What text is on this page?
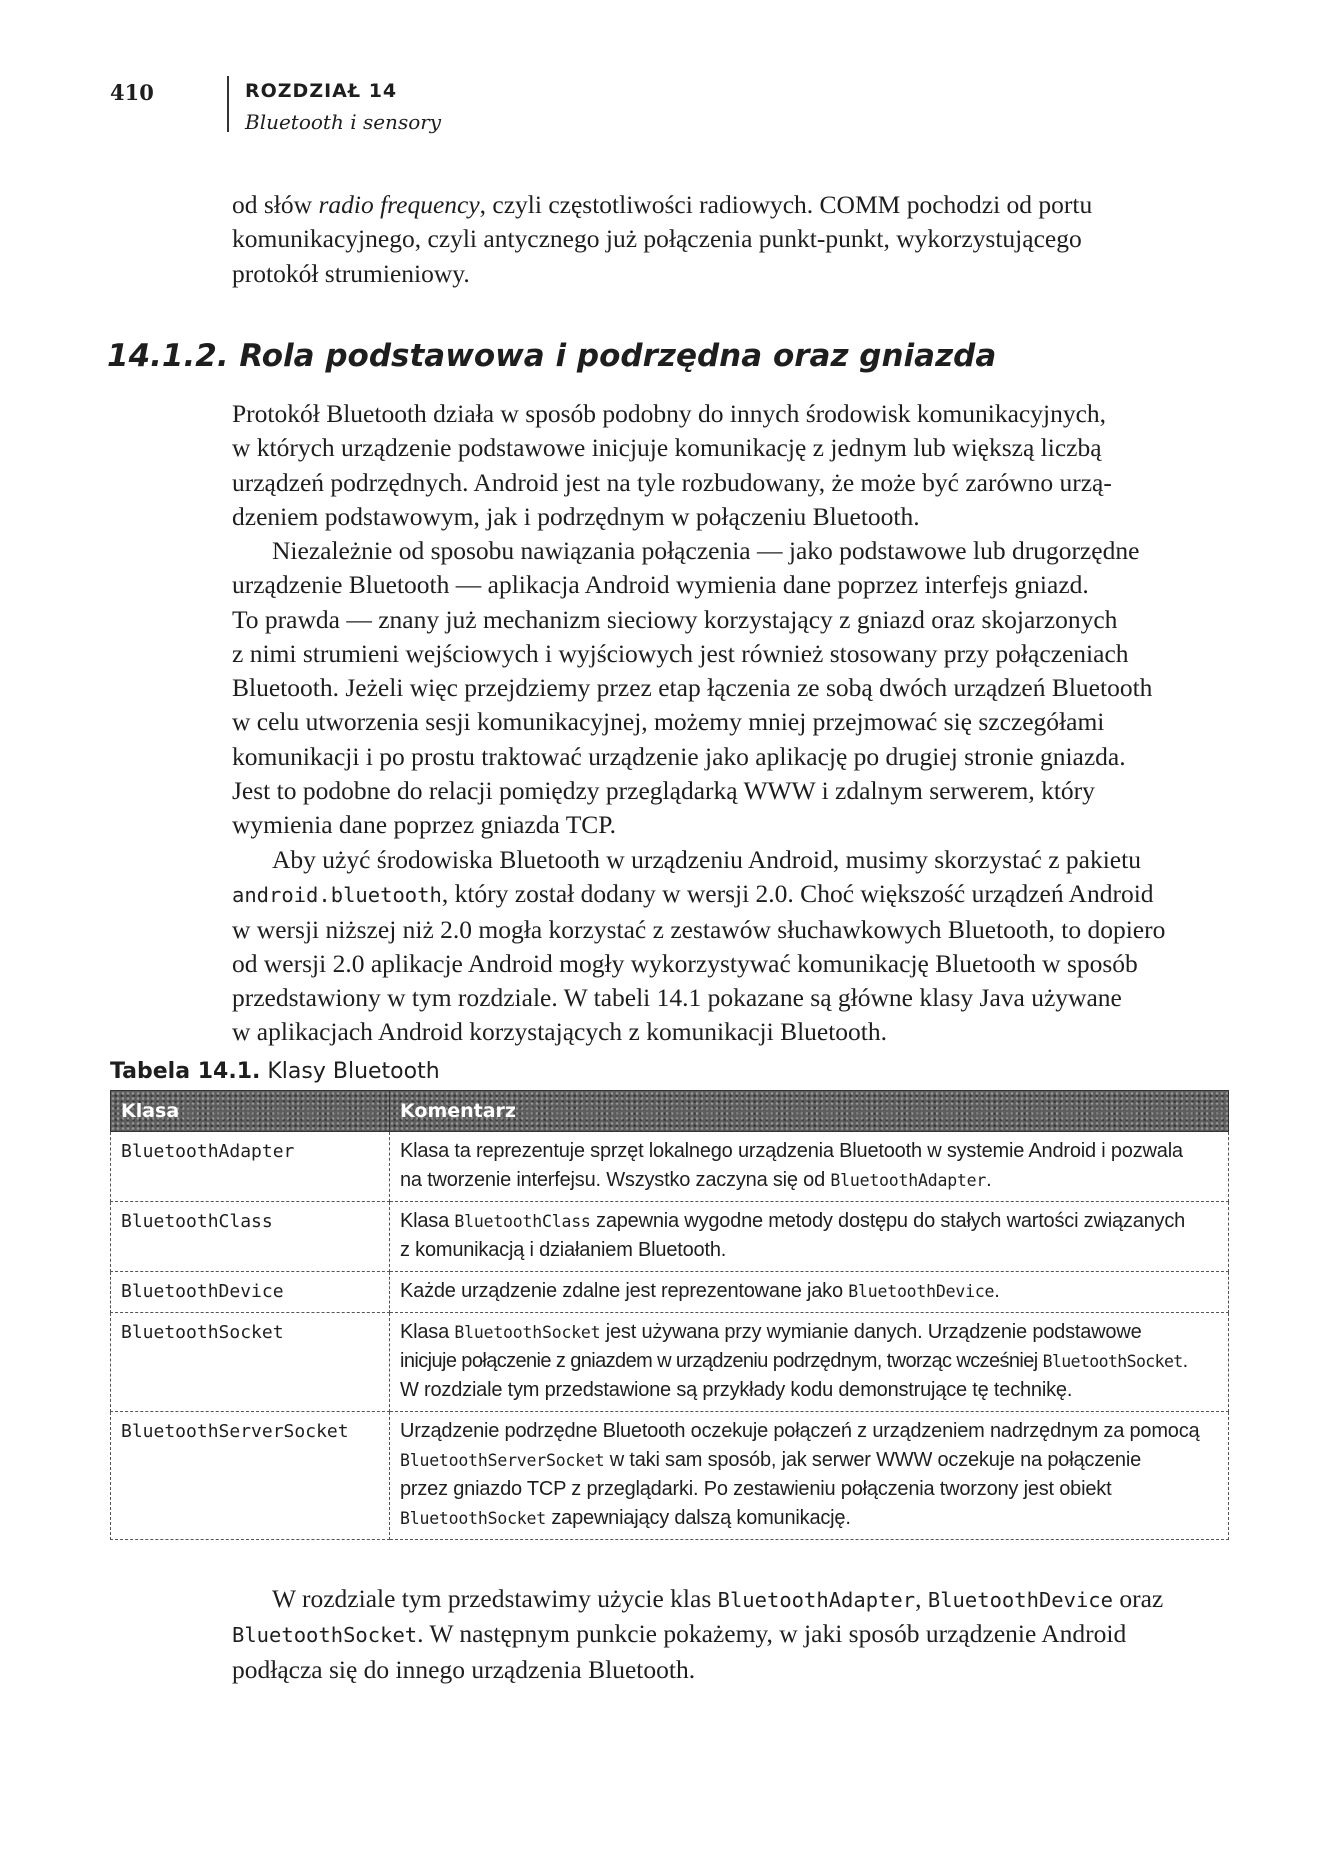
410	ROZDZIAŁ 14
Bluetooth i sensory

od słów radio frequency, czyli częstotliwości radiowych. COMM pochodzi od portu
komunikacyjnego, czyli antycznego już połączenia punkt-punkt, wykorzystującego
protokół strumieniowy.

14.1.2. Rola podstawowa i podrzędna oraz gniazda

Protokół Bluetooth działa w sposób podobny do innych środowisk komunikacyjnych,
w których urządzenie podstawowe inicjuje komunikację z jednym lub większą liczbą
urządzeń podrzędnych. Android jest na tyle rozbudowany, że może być zarówno urzą-
dzeniem podstawowym, jak i podrzędnym w połączeniu Bluetooth.

Niezależnie od sposobu nawiązania połączenia — jako podstawowe lub drugorzędne
urządzenie Bluetooth — aplikacja Android wymienia dane poprzez interfejs gniazd.
To prawda — znany już mechanizm sieciowy korzystający z gniazd oraz skojarzonych
z nimi strumieni wejściowych i wyjściowych jest również stosowany przy połączeniach
Bluetooth. Jeżeli więc przejdziemy przez etap łączenia ze sobą dwóch urządzeń Bluetooth
w celu utworzenia sesji komunikacyjnej, możemy mniej przejmować się szczegółami
komunikacji i po prostu traktować urządzenie jako aplikację po drugiej stronie gniazda.
Jest to podobne do relacji pomiędzy przeglądarką WWW i zdalnym serwerem, który
wymienia dane poprzez gniazda TCP.

Aby użyć środowiska Bluetooth w urządzeniu Android, musimy skorzystać z pakietu
android.bluetooth, który został dodany w wersji 2.0. Choć większość urządzeń Android
w wersji niższej niż 2.0 mogła korzystać z zestawów słuchawkowych Bluetooth, to dopiero
od wersji 2.0 aplikacje Android mogły wykorzystywać komunikację Bluetooth w sposób
przedstawiony w tym rozdziale. W tabeli 14.1 pokazane są główne klasy Java używane
w aplikacjach Android korzystających z komunikacji Bluetooth.

Tabela 14.1. Klasy Bluetooth
Klasa	Komentarz
BluetoothAdapter	Klasa ta reprezentuje sprzęt lokalnego urządzenia Bluetooth w systemie Android i pozwala
na tworzenie interfejsu. Wszystko zaczyna się od BluetoothAdapter.

BluetoothClass	Klasa BluetoothClass zapewnia wygodne metody dostępu do stałych wartości związanych
z komunikacją i działaniem Bluetooth.

BluetoothDevice	Każde urządzenie zdalne jest reprezentowane jako BluetoothDevice.

BluetoothSocket	Klasa BluetoothSocket jest używana przy wymianie danych. Urządzenie podstawowe
inicjuje połączenie z gniazdem w urządzeniu podrzędnym, tworząc wcześniej BluetoothSocket.
W rozdziale tym przedstawione są przykłady kodu demonstrujące tę technikę.

BluetoothServerSocket	Urządzenie podrzędne Bluetooth oczekuje połączeń z urządzeniem nadrzędnym za pomocą
BluetoothServerSocket w taki sam sposób, jak serwer WWW oczekuje na połączenie
przez gniazdo TCP z przeglądarki. Po zestawieniu połączenia tworzony jest obiekt
BluetoothSocket zapewniający dalszą komunikację.

W rozdziale tym przedstawimy użycie klas BluetoothAdapter, BluetoothDevice oraz
BluetoothSocket. W następnym punkcie pokażemy, w jaki sposób urządzenie Android
podłącza się do innego urządzenia Bluetooth.
